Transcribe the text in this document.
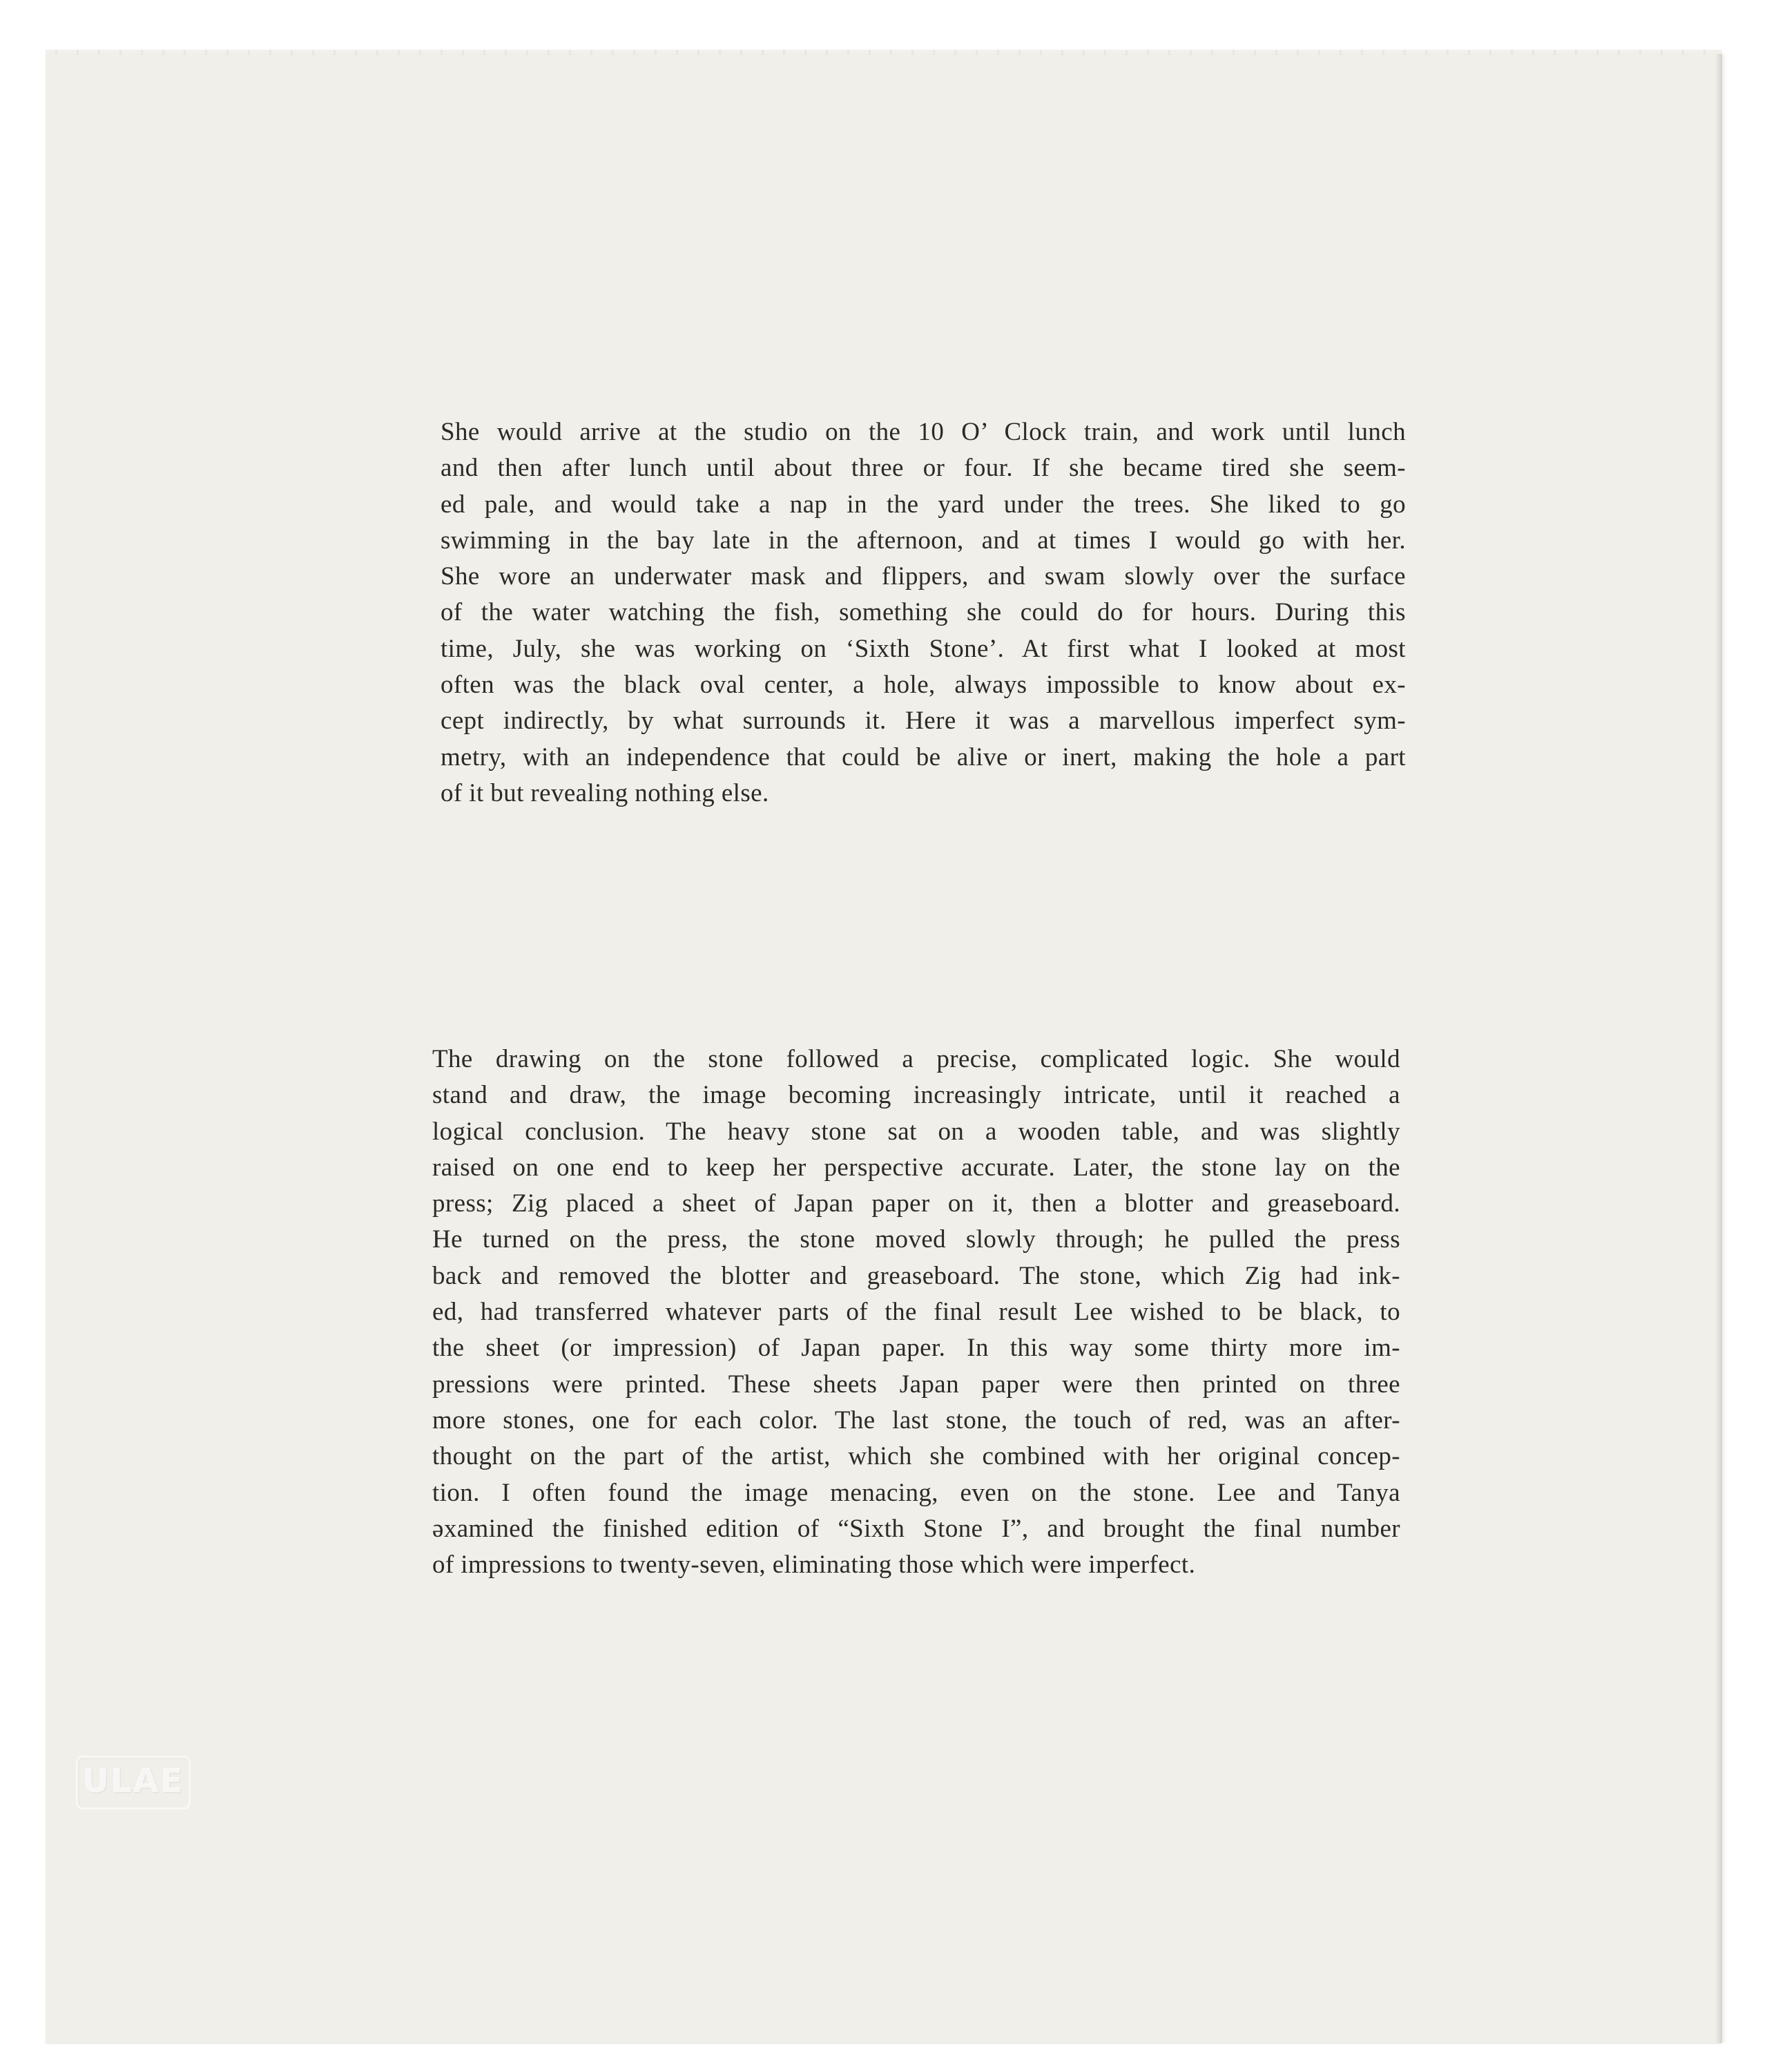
She would arrive at the studio on the 10 O’ Clock train, and work until lunch
and then after lunch until about three or four. If she became tired she seem-
ed pale, and would take a nap in the yard under the trees. She liked to go
swimming in the bay late in the afternoon, and at times I would go with her.
She wore an underwater mask and flippers, and swam slowly over the surface
of the water watching the fish, something she could do for hours. During this
time, July, she was working on ‘Sixth Stone’. At first what I looked at most
often was the black oval center, a hole, always impossible to know about ex-
cept indirectly, by what surrounds it. Here it was a marvellous imperfect sym-
metry, with an independence that could be alive or inert, making the hole a part
of it but revealing nothing else.
The drawing on the stone followed a precise, complicated logic. She would
stand and draw, the image becoming increasingly intricate, until it reached a
logical conclusion. The heavy stone sat on a wooden table, and was slightly
raised on one end to keep her perspective accurate. Later, the stone lay on the
press; Zig placed a sheet of Japan paper on it, then a blotter and greaseboard.
He turned on the press, the stone moved slowly through; he pulled the press
back and removed the blotter and greaseboard. The stone, which Zig had ink-
ed, had transferred whatever parts of the final result Lee wished to be black, to
the sheet (or impression) of Japan paper. In this way some thirty more im-
pressions were printed. These sheets Japan paper were then printed on three
more stones, one for each color. The last stone, the touch of red, was an after-
thought on the part of the artist, which she combined with her original concep-
tion. I often found the image menacing, even on the stone. Lee and Tanya
əxamined the finished edition of “Sixth Stone I”, and brought the final number
of impressions to twenty-seven, eliminating those which were imperfect.
ULAE
